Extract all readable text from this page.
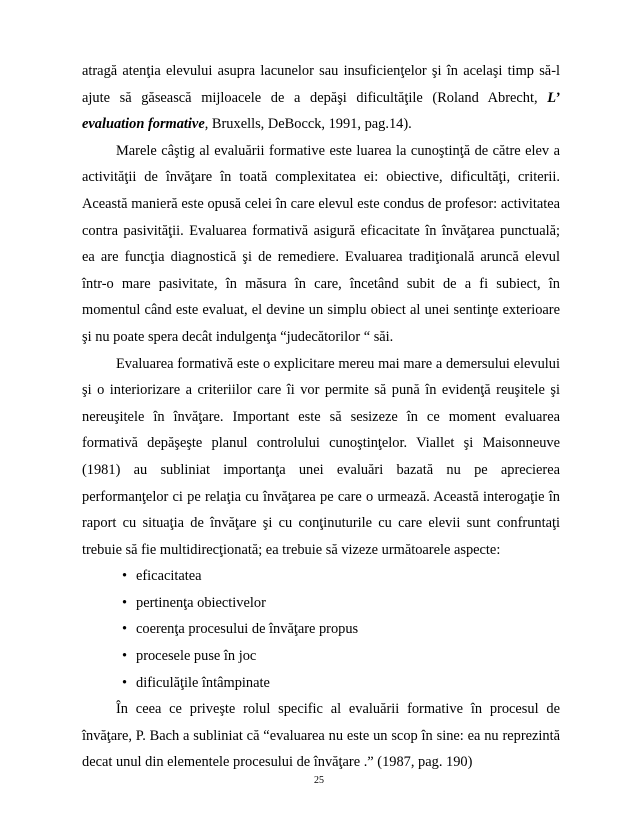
atragă atenţia elevului asupra lacunelor sau insuficienţelor şi în acelaşi timp să-l ajute să găsească mijloacele de a depăşi dificultăţile (Roland Abrecht, L’ evaluation formative, Bruxells, DeBocck, 1991, pag.14).

Marele câştig al evaluării formative este luarea la cunoştinţă de către elev a activităţii de învăţare în toată complexitatea ei: obiective, dificultăţi, criterii. Această manieră este opusă celei în care elevul este condus de profesor: activitatea contra pasivităţii. Evaluarea formativă asigură eficacitate în învăţarea punctuală; ea are funcţia diagnostică şi de remediere. Evaluarea tradiţională aruncă elevul într-o mare pasivitate, în măsura în care, încetând subit de a fi subiect, în momentul când este evaluat, el devine un simplu obiect al unei sentinţe exterioare şi nu poate spera decât indulgenţa “judecătorilor “ săi.

Evaluarea formativă este o explicitare mereu mai mare a demersului elevului şi o interiorizare a criteriilor care îi vor permite să pună în evidenţă reuşitele şi nereuşitele în învăţare. Important este să sesizeze în ce moment evaluarea formativă depăşeşte planul controlului cunoştinţelor. Viallet şi Maisonneuve (1981) au subliniat importanţa unei evaluări bazată nu pe aprecierea performanţelor ci pe relaţia cu învăţarea pe care o urmează. Această interogaţie în raport cu situaţia de învăţare şi cu conţinuturile cu care elevii sunt confruntaţi trebuie să fie multidirecţionată; ea trebuie să vizeze următoarele aspecte:

• eficacitatea
• pertinenţa obiectivelor
• coerenţa procesului de învăţare propus
• procesele puse în joc
• dificulăţile întâmpinate

În ceea ce priveşte rolul specific al evaluării formative în procesul de învăţare, P. Bach a subliniat că “evaluarea nu este un scop în sine: ea nu reprezintă decat unul din elementele procesului de învăţare .” (1987, pag. 190)

25
